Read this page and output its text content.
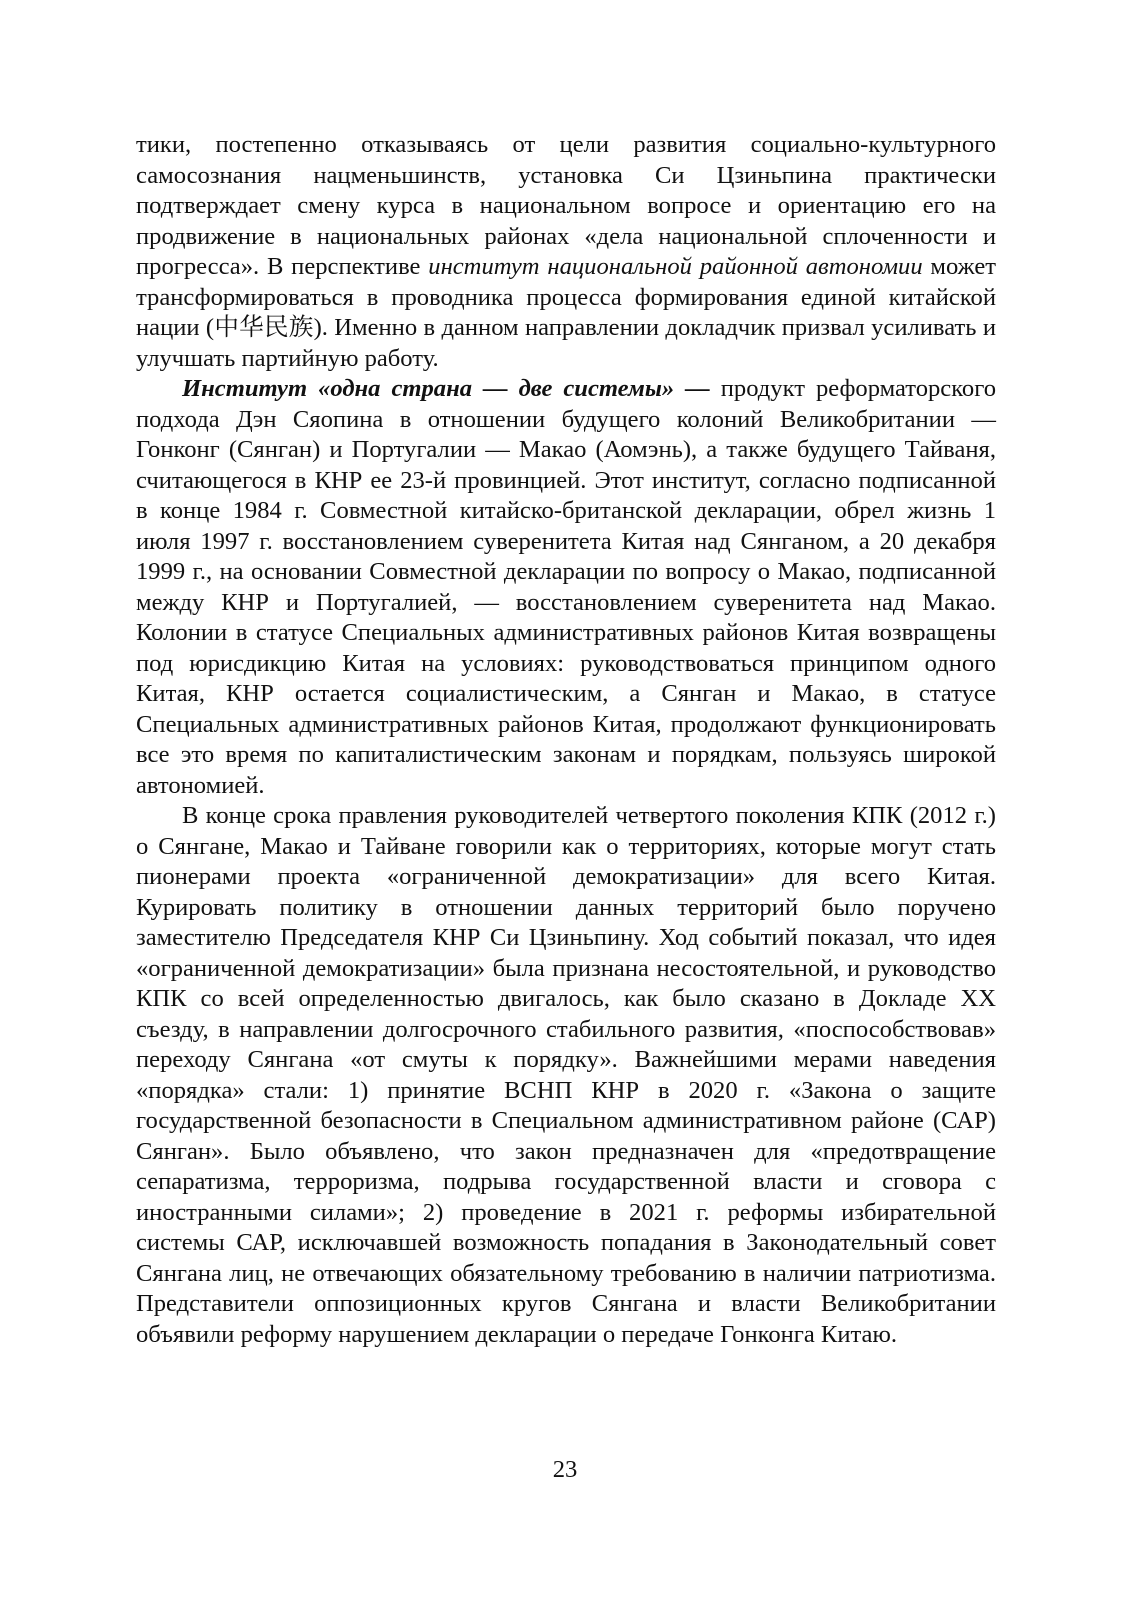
тики, постепенно отказываясь от цели развития социально-культурного самосознания нацменьшинств, установка Си Цзиньпина практически подтверждает смену курса в национальном вопросе и ориентацию его на продвижение в национальных районах «дела национальной сплоченности и прогресса». В перспективе институт национальной районной автономии может трансформироваться в проводника процесса формирования единой китайской нации (中华民族). Именно в данном направлении докладчик призвал усиливать и улучшать партийную работу.

Институт «одна страна — две системы» — продукт реформаторского подхода Дэн Сяопина в отношении будущего колоний Великобритании — Гонконг (Сянган) и Португалии — Макао (Аомэнь), а также будущего Тайваня, считающегося в КНР ее 23-й провинцией. Этот институт, согласно подписанной в конце 1984 г. Совместной китайско-британской декларации, обрел жизнь 1 июля 1997 г. восстановлением суверенитета Китая над Сянганом, а 20 декабря 1999 г., на основании Совместной декларации по вопросу о Макао, подписанной между КНР и Португалией, — восстановлением суверенитета над Макао. Колонии в статусе Специальных административных районов Китая возвращены под юрисдикцию Китая на условиях: руководствоваться принципом одного Китая, КНР остается социалистическим, а Сянган и Макао, в статусе Специальных административных районов Китая, продолжают функционировать все это время по капиталистическим законам и порядкам, пользуясь широкой автономией.

В конце срока правления руководителей четвертого поколения КПК (2012 г.) о Сянгане, Макао и Тайване говорили как о территориях, которые могут стать пионерами проекта «ограниченной демократизации» для всего Китая. Курировать политику в отношении данных территорий было поручено заместителю Председателя КНР Си Цзиньпину. Ход событий показал, что идея «ограниченной демократизации» была признана несостоятельной, и руководство КПК со всей определенностью двигалось, как было сказано в Докладе XX съезду, в направлении долгосрочного стабильного развития, «поспособствовав» переходу Сянгана «от смуты к порядку». Важнейшими мерами наведения «порядка» стали: 1) принятие ВСНП КНР в 2020 г. «Закона о защите государственной безопасности в Специальном административном районе (САР) Сянган». Было объявлено, что закон предназначен для «предотвращение сепаратизма, терроризма, подрыва государственной власти и сговора с иностранными силами»; 2) проведение в 2021 г. реформы избирательной системы САР, исключавшей возможность попадания в Законодательный совет Сянгана лиц, не отвечающих обязательному требованию в наличии патриотизма. Представители оппозиционных кругов Сянгана и власти Великобритании объявили реформу нарушением декларации о передаче Гонконга Китаю.

23
